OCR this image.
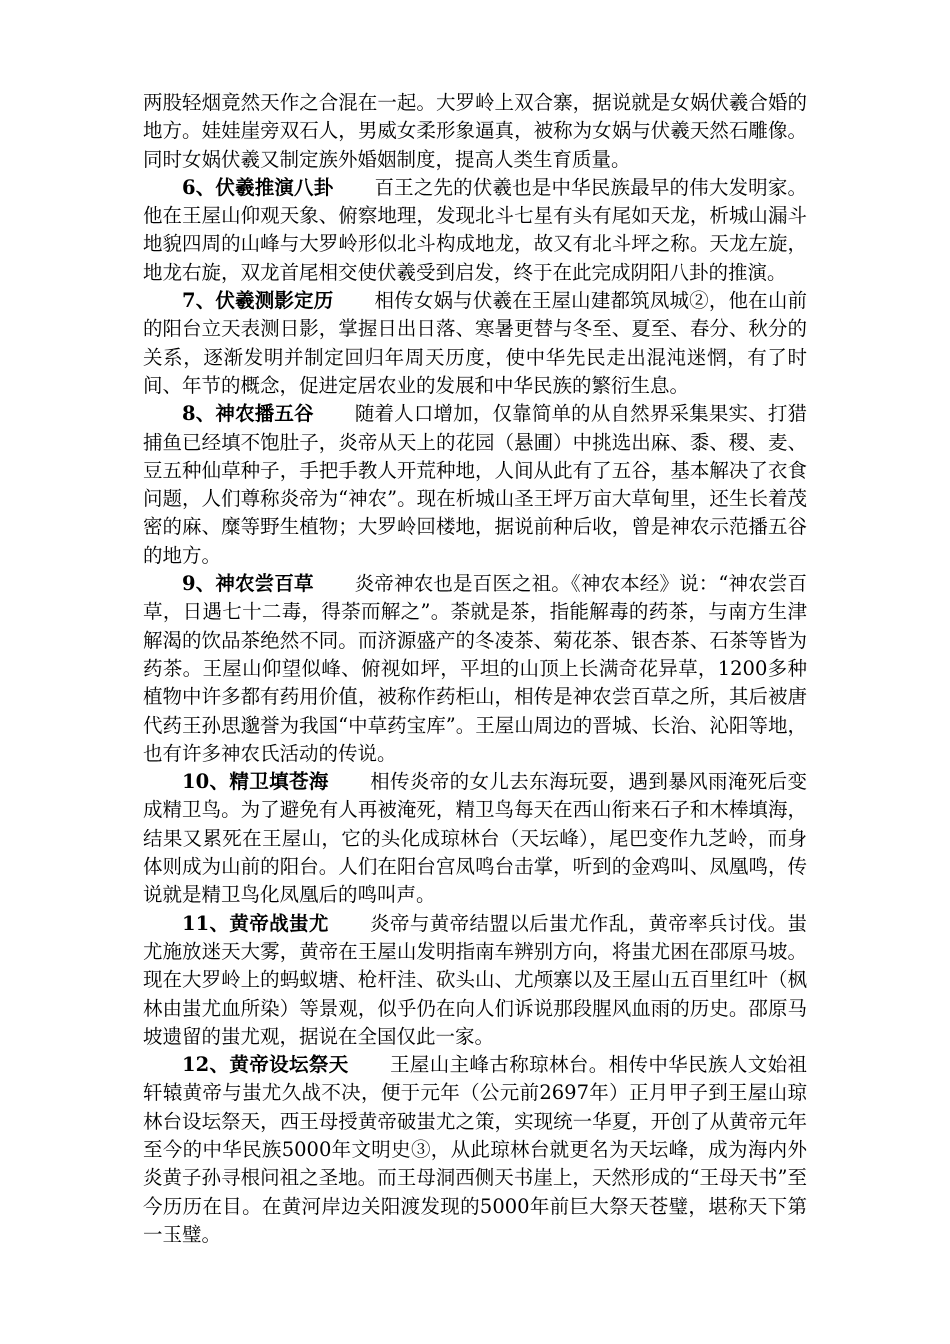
两股轻烟竟然天作之合混在一起。大罗岭上双合寨，据说就是女娲伏羲合婚的地方。娃娃崖旁双石人，男威女柔形象逼真，被称为女娲与伏羲天然石雕像。同时女娲伏羲又制定族外婚姻制度，提高人类生育质量。

6、伏羲推演八卦 百王之先的伏羲也是中华民族最早的伟大发明家。他在王屋山仰观天象、俯察地理，发现北斗七星有头有尾如天龙，析城山漏斗地貌四周的山峰与大罗岭形似北斗构成地龙，故又有北斗坪之称。天龙左旋，地龙右旋，双龙首尾相交使伏羲受到启发，终于在此完成阴阳八卦的推演。

7、伏羲测影定历 相传女娲与伏羲在王屋山建都筑凤城②，他在山前的阳台立天表测日影，掌握日出日落、寒暑更替与冬至、夏至、春分、秋分的关系，逐渐发明并制定回归年周天历度，使中华先民走出混沌迷惘，有了时间、年节的概念，促进定居农业的发展和中华民族的繁衍生息。

8、神农播五谷 随着人口增加，仅靠简单的从自然界采集果实、打猎捕鱼已经填不饱肚子，炎帝从天上的花园（悬圃）中挑选出麻、黍、稷、麦、豆五种仙草种子，手把手教人开荒种地，人间从此有了五谷，基本解决了衣食问题，人们尊称炎帝为“神农”。现在析城山圣王坪万亩大草甸里，还生长着茂密的麻、糜等野生植物；大罗岭回楼地，据说前种后收，曾是神农示范播五谷的地方。

9、神农尝百草 炎帝神农也是百医之祖。《神农本经》说：“神农尝百草，日遇七十二毒，得荼而解之”。荼就是茶，指能解毒的药茶，与南方生津解渴的饮品茶绝然不同。而济源盛产的冬凌茶、菊花茶、银杏茶、石茶等皆为药茶。王屋山仰望似峰、俯视如坪，平坦的山顶上长满奇花异草，1200多种植物中许多都有药用价值，被称作药柜山，相传是神农尝百草之所，其后被唐代药王孙思邈誉为我国“中草药宝库”。王屋山周边的晋城、长治、沁阳等地，也有许多神农氏活动的传说。

10、精卫填苍海 相传炎帝的女儿去东海玩耍，遇到暴风雨淹死后变成精卫鸟。为了避免有人再被淹死，精卫鸟每天在西山衔来石子和木棒填海，结果又累死在王屋山，它的头化成琼林台（天坛峰），尾巴变作九芝岭，而身体则成为山前的阳台。人们在阳台宫凤鸣台击掌，听到的金鸡叫、凤凰鸣，传说就是精卫鸟化凤凰后的鸣叫声。

11、黄帝战蚩尤 炎帝与黄帝结盟以后蚩尤作乱，黄帝率兵讨伐。蚩尤施放迷天大雾，黄帝在王屋山发明指南车辨别方向，将蚩尤困在邵原马坡。现在大罗岭上的蚂蚁塘、枪杆洼、砍头山、尤颅寨以及王屋山五百里红叶（枫林由蚩尤血所染）等景观，似乎仍在向人们诉说那段腥风血雨的历史。邵原马坡遗留的蚩尤观，据说在全国仅此一家。

12、黄帝设坛祭天 王屋山主峰古称琼林台。相传中华民族人文始祖轩辕黄帝与蚩尤久战不决，便于元年（公元前2697年）正月甲子到王屋山琼林台设坛祭天，西王母授黄帝破蚩尤之策，实现统一华夏，开创了从黄帝元年至今的中华民族5000年文明史③，从此琼林台就更名为天坛峰，成为海内外炎黄子孙寻根问祖之圣地。而王母洞西侧天书崖上，天然形成的“王母天书”至今历历在目。在黄河岸边关阳渡发现的5000年前巨大祭天苍璧，堪称天下第一玉璧。
